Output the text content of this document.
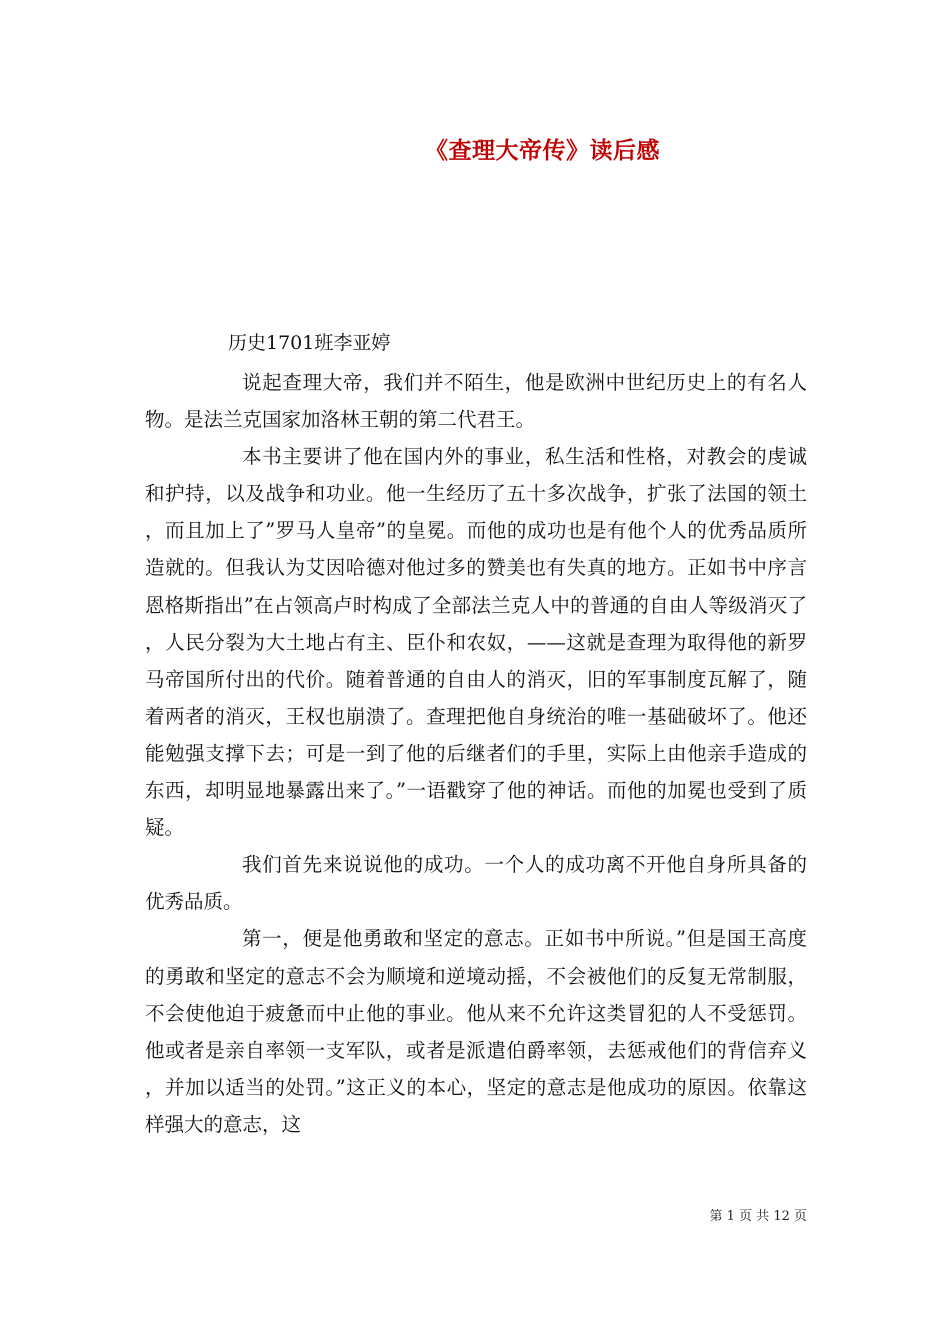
《查理大帝传》读后感
历史1701班李亚婷

说起查理大帝，我们并不陌生，他是欧洲中世纪历史上的有名人物。是法兰克国家加洛林王朝的第二代君王。

本书主要讲了他在国内外的事业，私生活和性格，对教会的虔诚和护持，以及战争和功业。他一生经历了五十多次战争，扩张了法国的领土，而且加上了”罗马人皇帝”的皇冕。而他的成功也是有他个人的优秀品质所造就的。但我认为艾因哈德对他过多的赞美也有失真的地方。正如书中序言恩格斯指出”在占领高卢时构成了全部法兰克人中的普通的自由人等级消灭了，人民分裂为大土地占有主、臣仆和农奴，——这就是查理为取得他的新罗马帝国所付出的代价。随着普通的自由人的消灭，旧的军事制度瓦解了，随着两者的消灭，王权也崩溃了。查理把他自身统治的唯一基础破坏了。他还能勉强支撑下去；可是一到了他的后继者们的手里，实际上由他亲手造成的东西，却明显地暴露出来了。”一语戳穿了他的神话。而他的加冕也受到了质疑。

我们首先来说说他的成功。一个人的成功离不开他自身所具备的优秀品质。

第一，便是他勇敢和坚定的意志。正如书中所说。”但是国王高度的勇敢和坚定的意志不会为顺境和逆境动摇，不会被他们的反复无常制服，不会使他迫于疲惫而中止他的事业。他从来不允许这类冒犯的人不受惩罚。他或者是亲自率领一支军队，或者是派遣伯爵率领，去惩戒他们的背信弃义，并加以适当的处罚。”这正义的本心，坚定的意志是他成功的原因。依靠这样强大的意志，这

第 1 页 共 12 页
